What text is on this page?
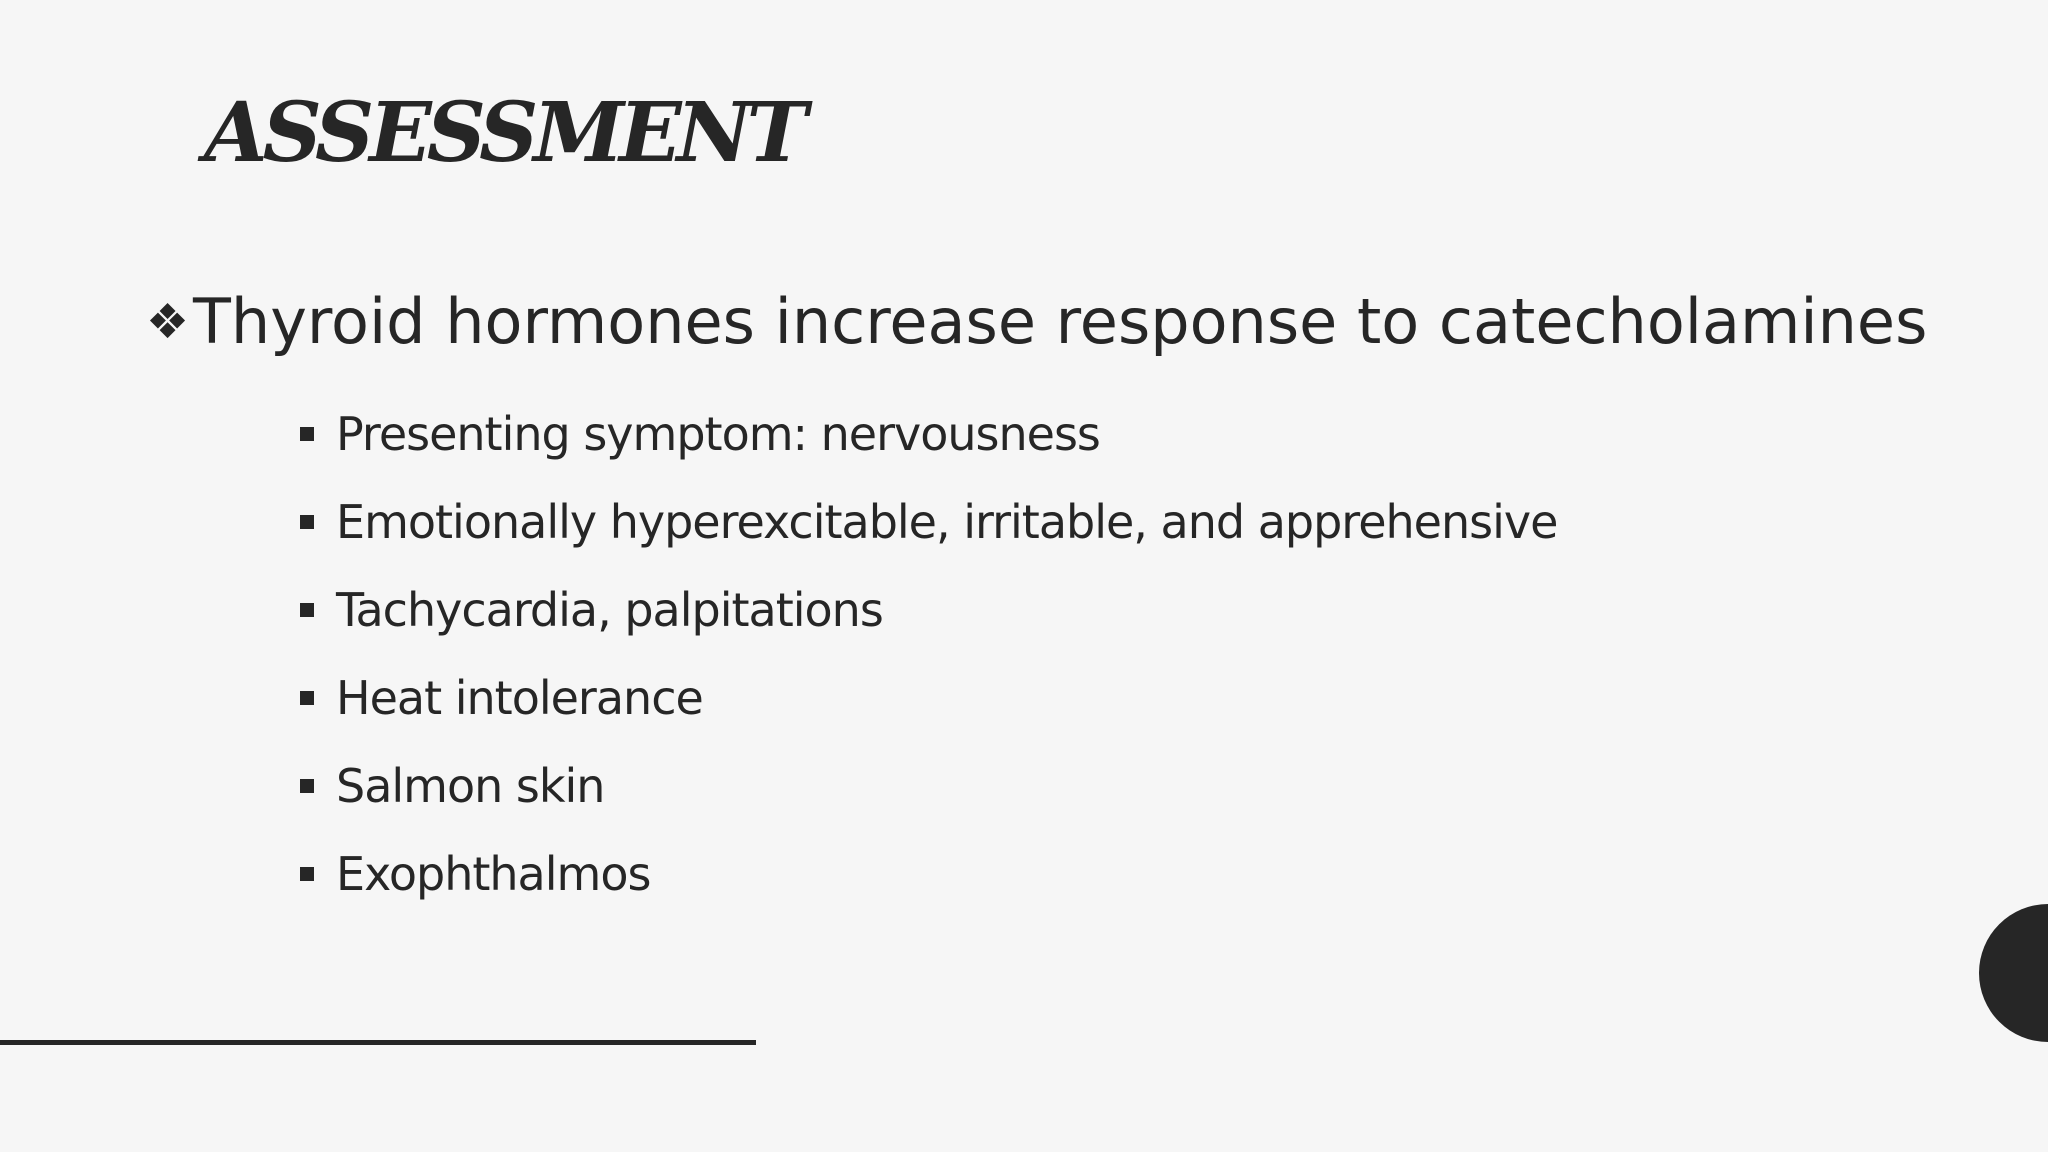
ASSESSMENT
❖ Thyroid hormones increase response to catecholamines
Presenting symptom: nervousness
Emotionally hyperexcitable, irritable, and apprehensive
Tachycardia, palpitations
Heat intolerance
Salmon skin
Exophthalmos
